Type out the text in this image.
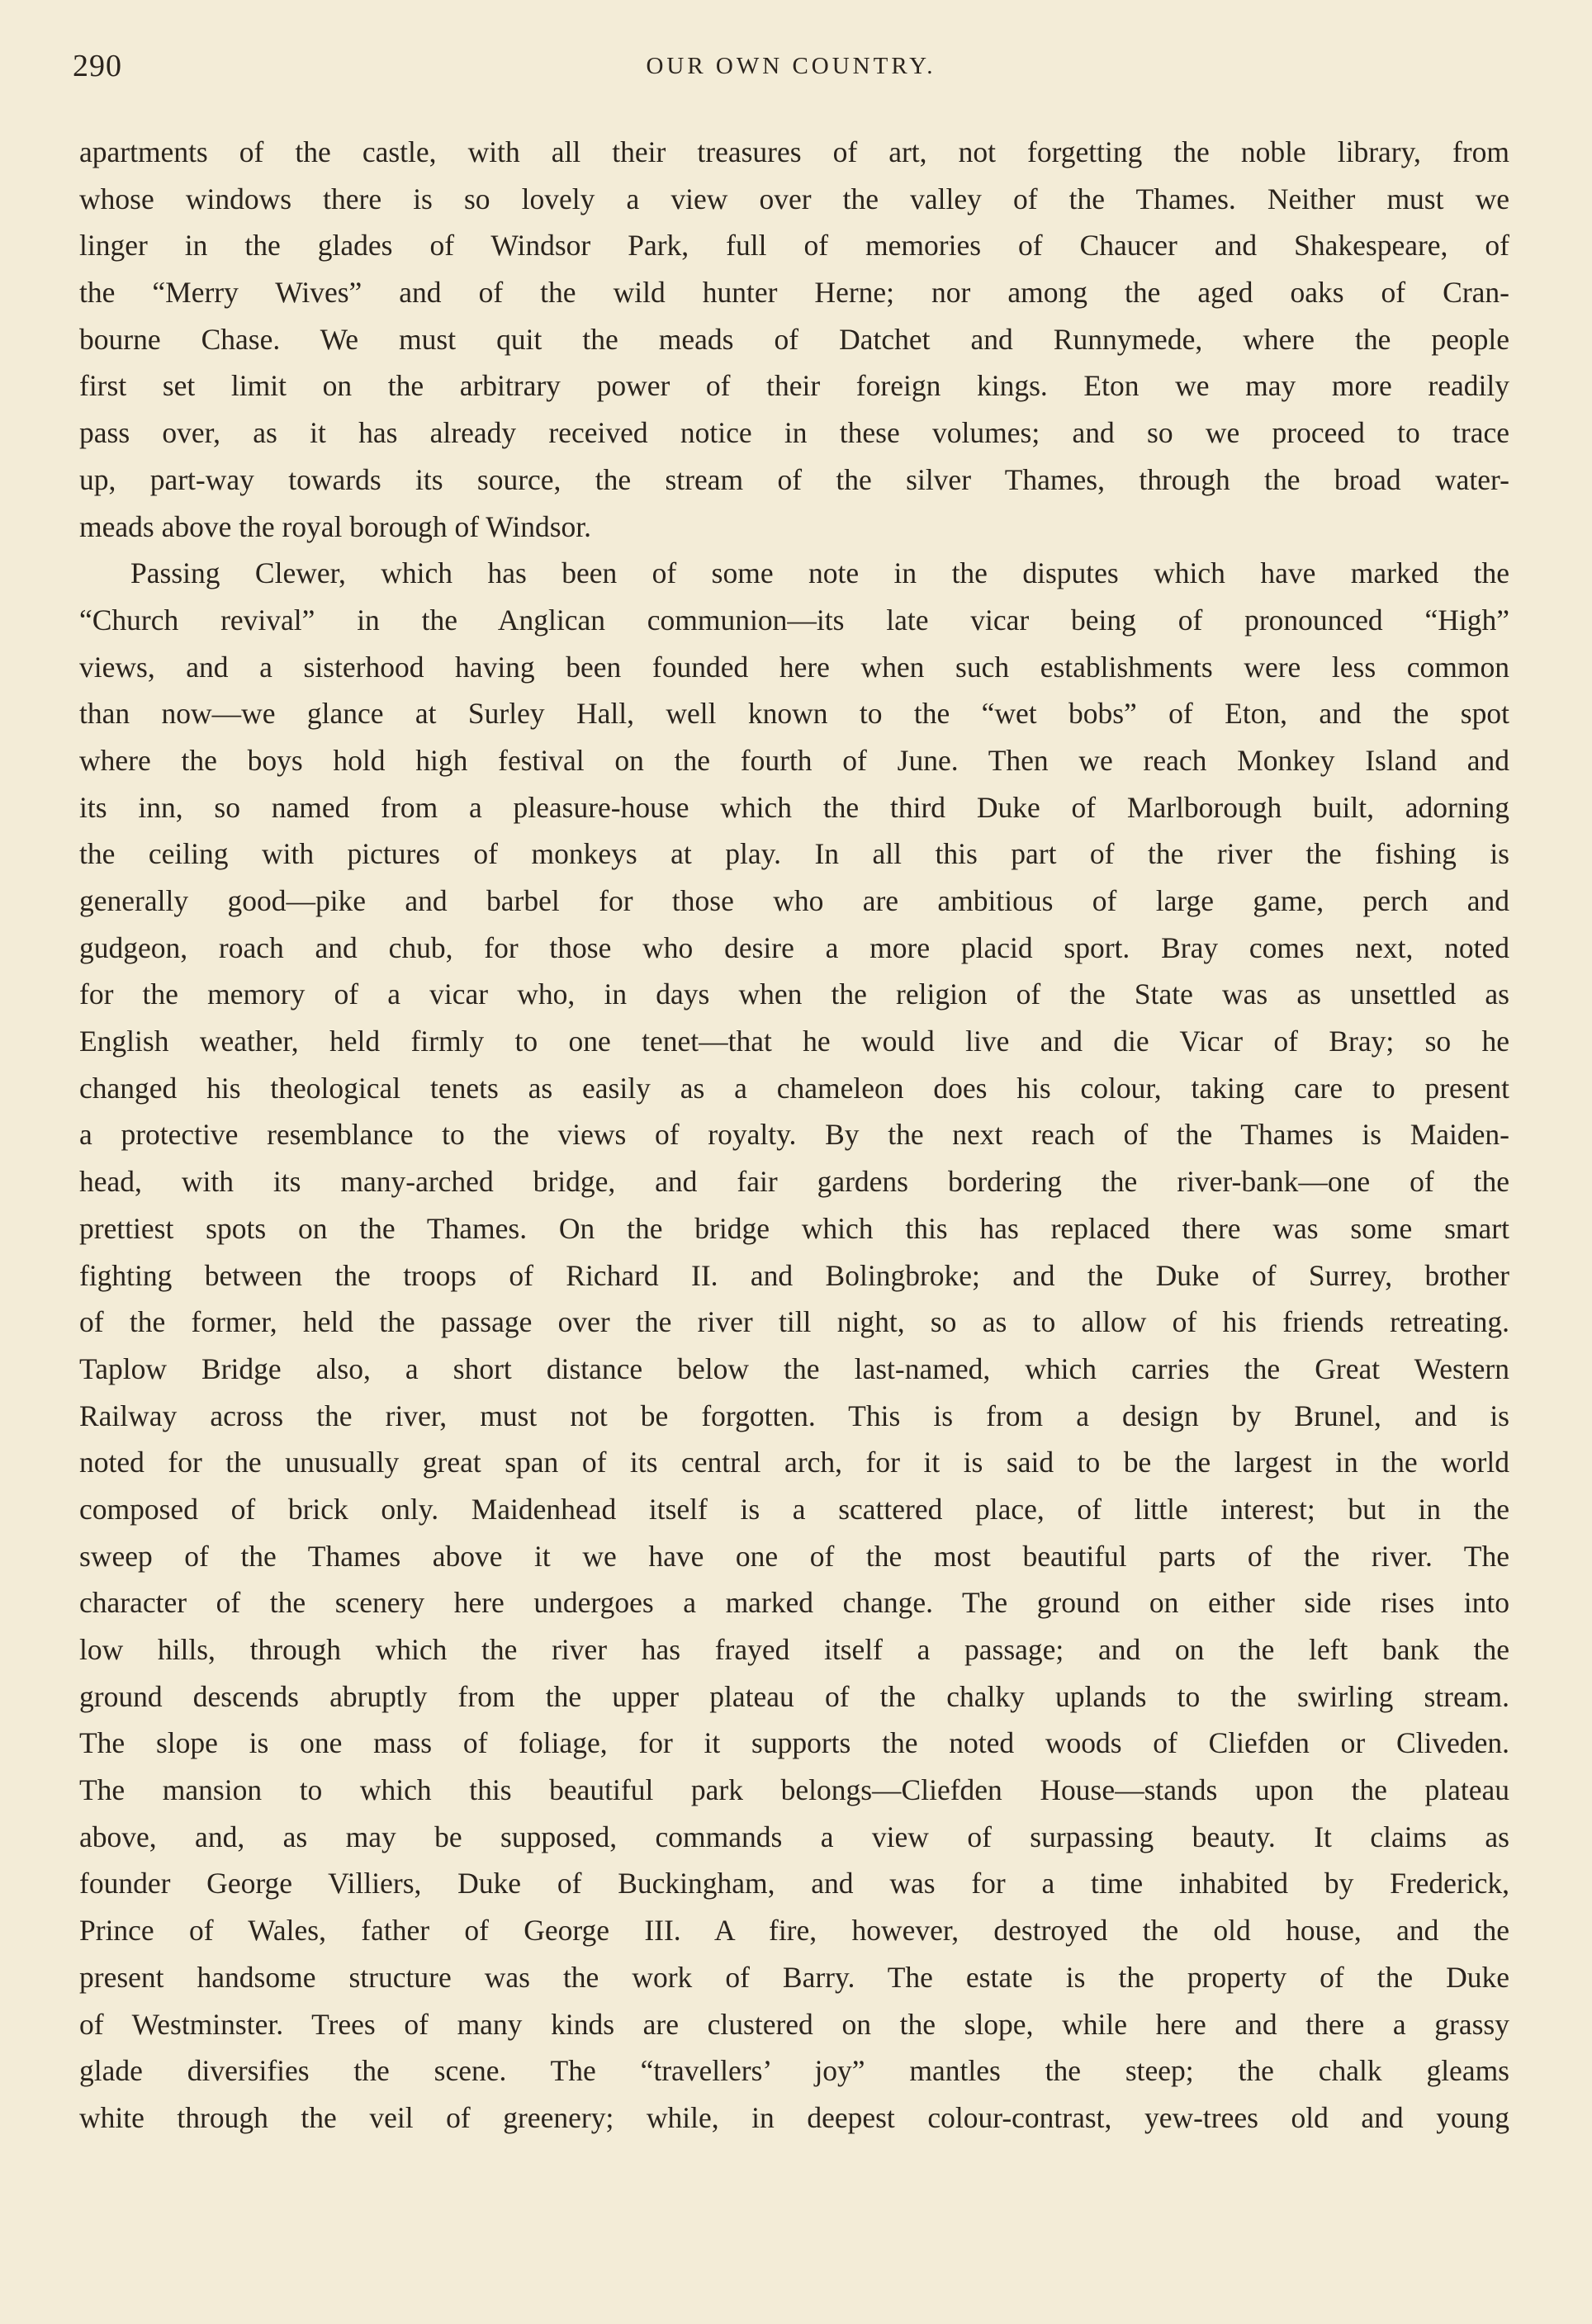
290	OUR OWN COUNTRY.
apartments of the castle, with all their treasures of art, not forgetting the noble library, from
whose windows there is so lovely a view over the valley of the Thames. Neither must we
linger in the glades of Windsor Park, full of memories of Chaucer and Shakespeare, of
the “Merry Wives” and of the wild hunter Herne; nor among the aged oaks of Cran-
bourne Chase. We must quit the meads of Datchet and Runnymede, where the people
first set limit on the arbitrary power of their foreign kings. Eton we may more readily
pass over, as it has already received notice in these volumes; and so we proceed to trace
up, part-way towards its source, the stream of the silver Thames, through the broad water-
meads above the royal borough of Windsor.
Passing Clewer, which has been of some note in the disputes which have marked the
“Church revival” in the Anglican communion—its late vicar being of pronounced “High”
views, and a sisterhood having been founded here when such establishments were less common
than now—we glance at Surley Hall, well known to the “wet bobs” of Eton, and the spot
where the boys hold high festival on the fourth of June. Then we reach Monkey Island and
its inn, so named from a pleasure-house which the third Duke of Marlborough built, adorning
the ceiling with pictures of monkeys at play. In all this part of the river the fishing is
generally good—pike and barbel for those who are ambitious of large game, perch and
gudgeon, roach and chub, for those who desire a more placid sport. Bray comes next, noted
for the memory of a vicar who, in days when the religion of the State was as unsettled as
English weather, held firmly to one tenet—that he would live and die Vicar of Bray; so he
changed his theological tenets as easily as a chameleon does his colour, taking care to present
a protective resemblance to the views of royalty. By the next reach of the Thames is Maiden-
head, with its many-arched bridge, and fair gardens bordering the river-bank—one of the
prettiest spots on the Thames. On the bridge which this has replaced there was some smart
fighting between the troops of Richard II. and Bolingbroke; and the Duke of Surrey, brother
of the former, held the passage over the river till night, so as to allow of his friends retreating.
Taplow Bridge also, a short distance below the last-named, which carries the Great Western
Railway across the river, must not be forgotten. This is from a design by Brunel, and is
noted for the unusually great span of its central arch, for it is said to be the largest in the world
composed of brick only. Maidenhead itself is a scattered place, of little interest; but in the
sweep of the Thames above it we have one of the most beautiful parts of the river. The
character of the scenery here undergoes a marked change. The ground on either side rises into
low hills, through which the river has frayed itself a passage; and on the left bank the
ground descends abruptly from the upper plateau of the chalky uplands to the swirling stream.
The slope is one mass of foliage, for it supports the noted woods of Cliefden or Cliveden.
The mansion to which this beautiful park belongs—Cliefden House—stands upon the plateau
above, and, as may be supposed, commands a view of surpassing beauty. It claims as
founder George Villiers, Duke of Buckingham, and was for a time inhabited by Frederick,
Prince of Wales, father of George III. A fire, however, destroyed the old house, and the
present handsome structure was the work of Barry. The estate is the property of the Duke
of Westminster. Trees of many kinds are clustered on the slope, while here and there a grassy
glade diversifies the scene. The “travellers’ joy” mantles the steep; the chalk gleams
white through the veil of greenery; while, in deepest colour-contrast, yew-trees old and young
